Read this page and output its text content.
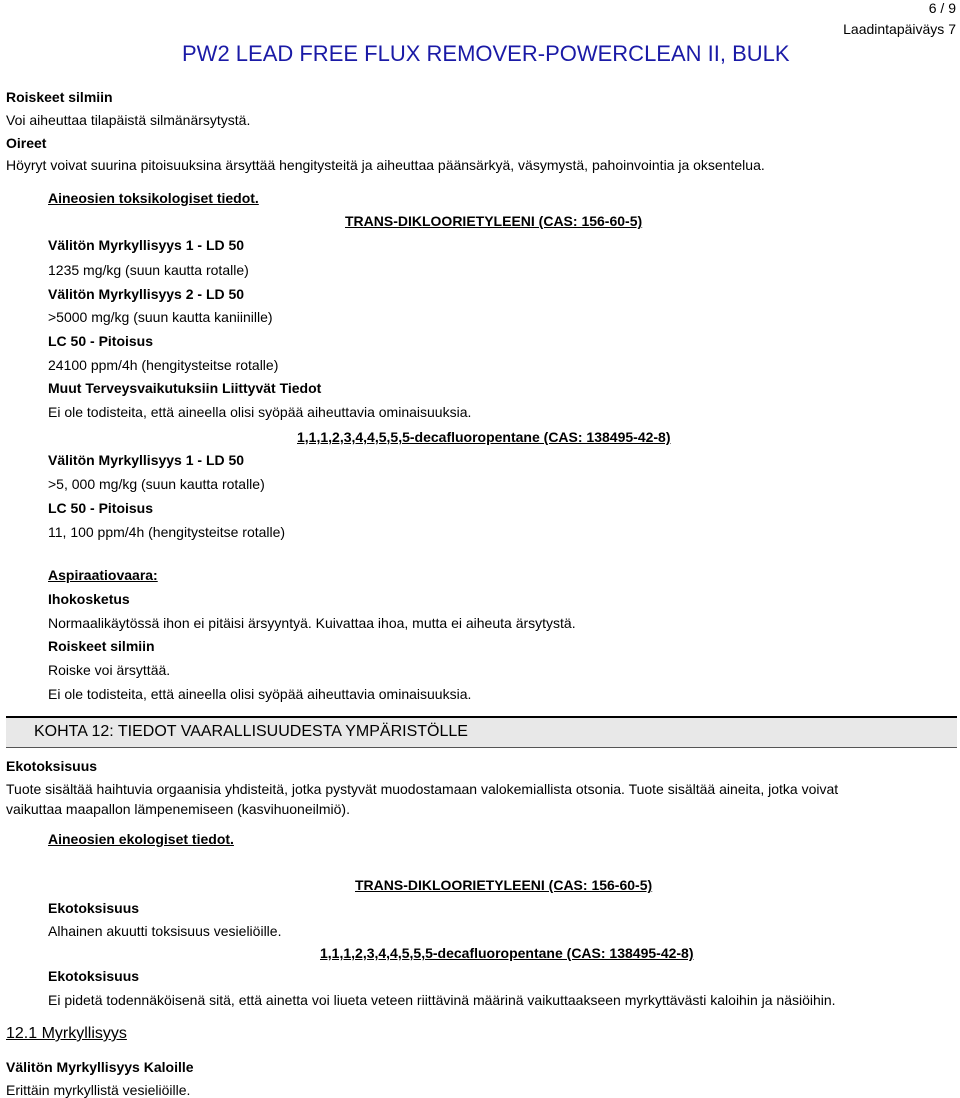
6 / 9
Laadintapäiväys 7
PW2 LEAD FREE FLUX REMOVER-POWERCLEAN II, BULK
Roiskeet silmiin
Voi aiheuttaa tilapäistä silmänärsytystä.
Oireet
Höyryt voivat suurina pitoisuuksina ärsyttää hengitysteitä ja aiheuttaa päänsärkyä, väsymystä, pahoinvointia ja oksentelua.
Aineosien toksikologiset tiedot.
TRANS-DIKLOORIETYLEENI (CAS: 156-60-5)
Välitön Myrkyllisyys 1 - LD 50
1235 mg/kg (suun kautta rotalle)
Välitön Myrkyllisyys 2 - LD 50
>5000 mg/kg (suun kautta kaniinille)
LC 50 - Pitoisus
24100 ppm/4h (hengitysteitse rotalle)
Muut Terveysvaikutuksiin Liittyvät Tiedot
Ei ole todisteita, että aineella olisi syöpää aiheuttavia ominaisuuksia.
1,1,1,2,3,4,4,5,5,5-decafluoropentane (CAS: 138495-42-8)
Välitön Myrkyllisyys 1 - LD 50
>5, 000 mg/kg (suun kautta rotalle)
LC 50 - Pitoisus
11, 100 ppm/4h (hengitysteitse rotalle)
Aspiraatiovaara:
Ihokosketus
Normaalikäytössä ihon ei pitäisi ärsyyntyä. Kuivattaa ihoa, mutta ei aiheuta ärsytystä.
Roiskeet silmiin
Roiske voi ärsyttää.
Ei ole todisteita, että aineella olisi syöpää aiheuttavia ominaisuuksia.
KOHTA 12: TIEDOT VAARALLISUUDESTA YMPÄRISTÖLLE
Ekotoksisuus
Tuote sisältää haihtuvia orgaanisia yhdisteitä, jotka pystyvät muodostamaan valokemiallista otsonia. Tuote sisältää aineita, jotka voivat
vaikuttaa maapallon lämpenemiseen (kasvihuoneilmiö).
Aineosien ekologiset tiedot.
TRANS-DIKLOORIETYLEENI (CAS: 156-60-5)
Ekotoksisuus
Alhainen akuutti toksisuus vesieliöille.
1,1,1,2,3,4,4,5,5,5-decafluoropentane (CAS: 138495-42-8)
Ekotoksisuus
Ei pidetä todennäköisenä sitä, että ainetta voi liueta veteen riittävinä määrinä vaikuttaakseen myrkyttävästi kaloihin ja näsiöihin.
12.1 Myrkyllisyys
Välitön Myrkyllisyys Kaloille
Erittäin myrkyllistä vesieliöille.
